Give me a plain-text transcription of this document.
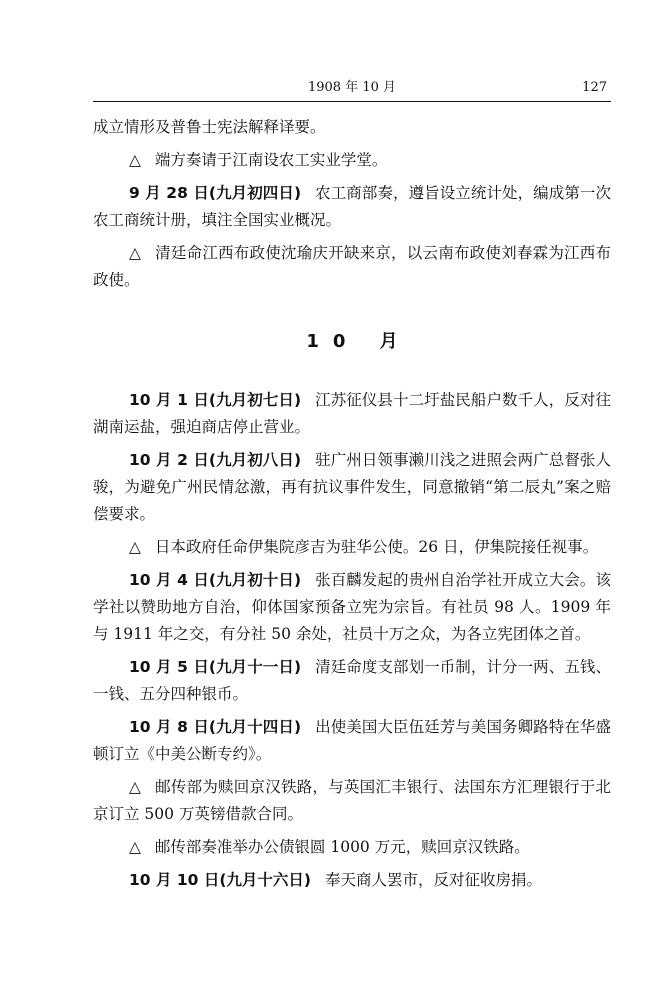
1908 年 10 月	127

成立情形及普鲁士宪法解释译要。

△ 端方奏请于江南设农工实业学堂。

9 月 28 日(九月初四日) 农工商部奏，遵旨设立统计处，编成第一次农工商统计册，填注全国实业概况。

△ 清廷命江西布政使沈瑜庆开缺来京，以云南布政使刘春霖为江西布政使。

10 月

10 月 1 日(九月初七日) 江苏征仪县十二圩盐民船户数千人，反对往湖南运盐，强迫商店停止营业。

10 月 2 日(九月初八日) 驻广州日领事濑川浅之进照会两广总督张人骏，为避免广州民情忿激，再有抗议事件发生，同意撤销“第二辰丸”案之赔偿要求。

△ 日本政府任命伊集院彦吉为驻华公使。26 日，伊集院接任视事。

10 月 4 日(九月初十日) 张百麟发起的贵州自治学社开成立大会。该学社以赞助地方自治，仰体国家预备立宪为宗旨。有社员 98 人。1909 年与 1911 年之交，有分社 50 余处，社员十万之众，为各立宪团体之首。

10 月 5 日(九月十一日) 清廷命度支部划一币制，计分一两、五钱、一钱、五分四种银币。

10 月 8 日(九月十四日) 出使美国大臣伍廷芳与美国务卿路特在华盛顿订立《中美公断专约》。

△ 邮传部为赎回京汉铁路，与英国汇丰银行、法国东方汇理银行于北京订立 500 万英镑借款合同。

△ 邮传部奏准举办公债银圆 1000 万元，赎回京汉铁路。

10 月 10 日(九月十六日) 奉天商人罢市，反对征收房捐。
